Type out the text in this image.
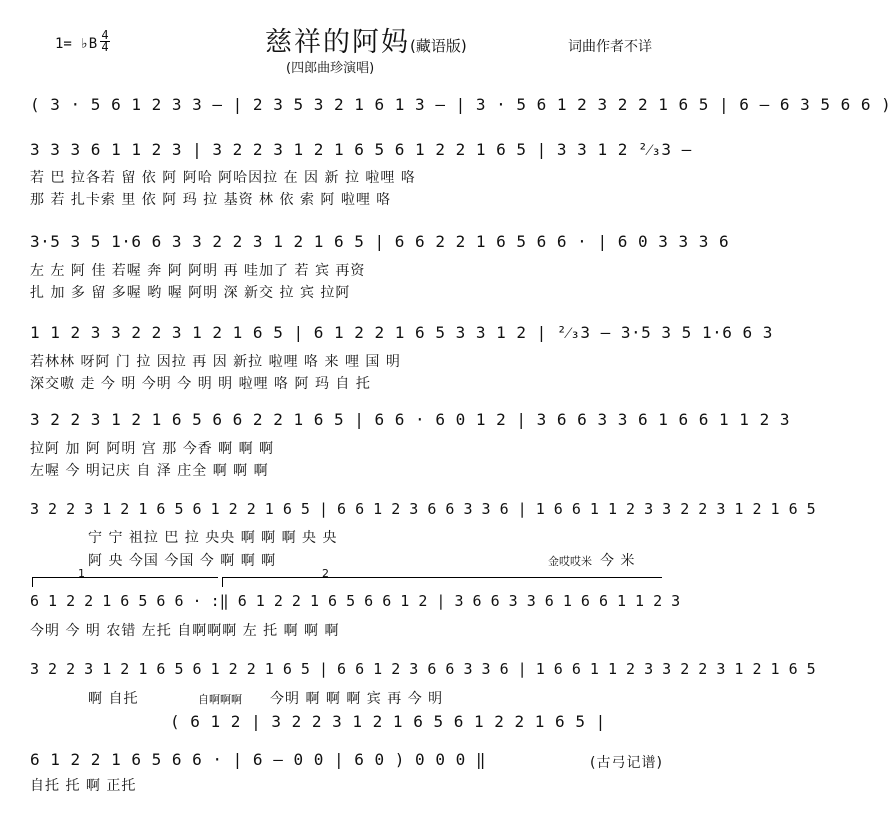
1= ♭B
4
4	慈祥的阿妈(藏语版)	词曲作者不详
(四郎曲珍演唱)
( 3 · 5 6 1 2 3 3 – | 2 3 5 3 2 1 6 1 3 – | 3 · 5 6 1 2 3 2 2 1 6 5 | 6 – 6 3 5 6 6 )
3 3 3 6 1 1 2 3 | 3 2 2 3 1 2 1 6 5 6 1 2 2 1 6 5 | 3 3 1 2 ²⁄₃3 –
若 巴 拉各若 留 依 阿 阿哈 阿哈因拉 在 因 新 拉 啦哩 咯
那 若 扎卡索 里 依 阿 玛 拉 基资 林 依 索 阿 啦哩 咯
3·5 3 5 1·6 6 3 3 2 2 3 1 2 1 6 5 | 6 6 2 2 1 6 5 6 6 · | 6 0 3 3 3 6
左 左 阿 佳 若喔 奔 阿 阿明 再 哇加了 若 宾 再资
扎 加 多 留 多喔 哟 喔 阿明 深 新交 拉 宾 拉阿
1 1 2 3 3 2 2 3 1 2 1 6 5 | 6 1 2 2 1 6 5 3 3 1 2 | ²⁄₃3 – 3·5 3 5 1·6 6 3
若林林 呀阿 门 拉 因拉 再 因 新拉 啦哩 咯 来 哩 国 明
深交嗷 走 今 明 今明 今 明 明 啦哩 咯 阿 玛 自 托
3 2 2 3 1 2 1 6 5 6 6 2 2 1 6 5 | 6 6 · 6 0 1 2 | 3 6 6 3 3 6 1 6 6 1 1 2 3
拉阿 加 阿 阿明 宫 那 今香 啊 啊 啊
左喔 今 明记庆 自 泽 庄全 啊 啊 啊
3 2 2 3 1 2 1 6 5 6 1 2 2 1 6 5 | 6 6 1 2 3 6 6 3 3 6 | 1 6 6 1 1 2 3 3 2 2 3 1 2 1 6 5
宁 宁 祖拉 巴 拉 央央 啊 啊 啊 央 央
阿 央 今国 今国 今 啊 啊 啊	金哎哎米 今 米
1	2
6 1 2 2 1 6 5 6 6 · :‖ 6 1 2 2 1 6 5 6 6 1 2 | 3 6 6 3 3 6 1 6 6 1 1 2 3
今明 今 明 农错 左托 自啊啊啊 左 托 啊 啊 啊
3 2 2 3 1 2 1 6 5 6 1 2 2 1 6 5 | 6 6 1 2 3 6 6 3 3 6 | 1 6 6 1 1 2 3 3 2 2 3 1 2 1 6 5
啊 自托	自啊啊啊 今明 啊 啊 啊 宾 再 今 明
( 6 1 2 | 3 2 2 3 1 2 1 6 5 6 1 2 2 1 6 5 |
6 1 2 2 1 6 5 6 6 · | 6 – 0 0 | 6 0 ) 0 0 0 ‖
自托 托 啊 正托
(古弓记谱)
